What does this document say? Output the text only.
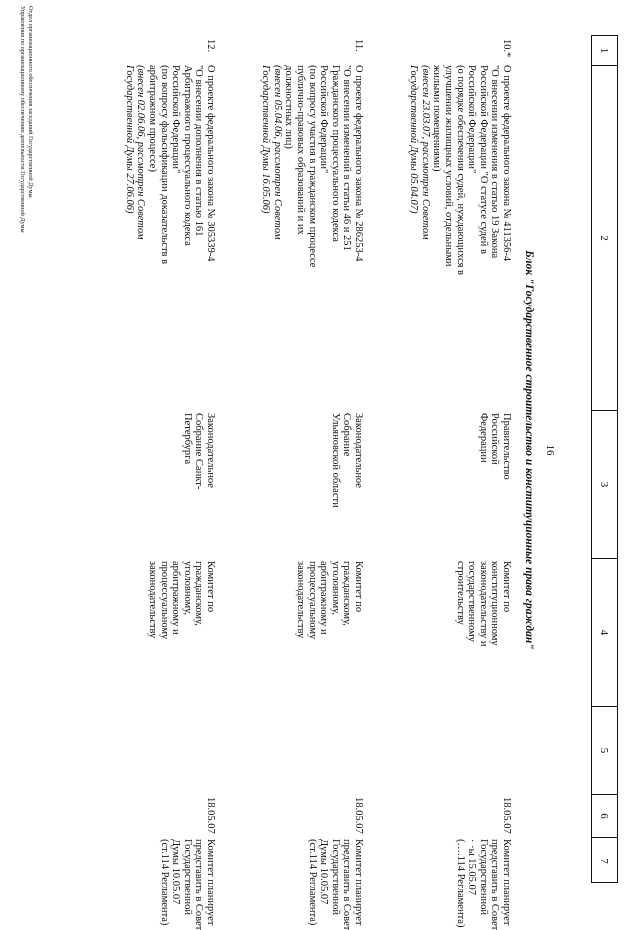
1
2
3
4
5
6
7
16
Блок "Государственное строительство и конституционные права граждан"
10.*
О проекте федерального закона № 411356-4
"О внесении изменения в статью 19 Закона
Российской Федерации "О статусе судей в
Российской Федерации"
(о порядке обеспечения судей, нуждающихся в
улучшении жилищных условий, отдельными
жилыми помещениями)
(внесен 23.03.07, рассмотрен Советом
Государственной Думы 05.04.07)
Правительство
Российской
Федерации
Комитет по
конституционному
законодательству и
государственному
строительству
18.05.07
Комитет планирует
представить в Совет
Государственной
· ·ы 15.05.07
(….114 Регламента)
11.
О проекте федерального закона № 286253-4
"О внесении изменений в статьи 46 и 251
Гражданского процессуального кодекса
Российской Федерации"
(по вопросу участия в гражданском процессе
публично-правовых образований и их
должностных лиц)
(внесен 05.04.06, рассмотрен Советом
Государственной Думы 16.05.06)
Законодательное
Собрание
Ульяновской области
Комитет по
гражданскому,
уголовному,
арбитражному и
процессуальному
законодательству
18.05.07
Комитет планирует
представить в Совет
Государственной
Думы 10.05.07
(ст.114 Регламента)
12.
О проекте федерального закона № 305339-4
"О внесении дополнения в статью 161
Арбитражного процессуального кодекса
Российской Федерации"
(по вопросу фальсификации доказательств в
арбитражном процессе)
(внесен 02.06.06, рассмотрен Советом
Государственной Думы 27.06.06)
Законодательное
Собрание Санкт-
Петербурга
Комитет по
гражданскому,
уголовному,
арбитражному и
процессуальному
законодательству
18.05.07
Комитет планирует
представить в Совет
Государственной
Думы 10.05.07
(ст.114 Регламента)
Отдел организационного обеспечения заседаний Государственной Думы
Управления по организационному обеспечению деятельности Государственной Думы
